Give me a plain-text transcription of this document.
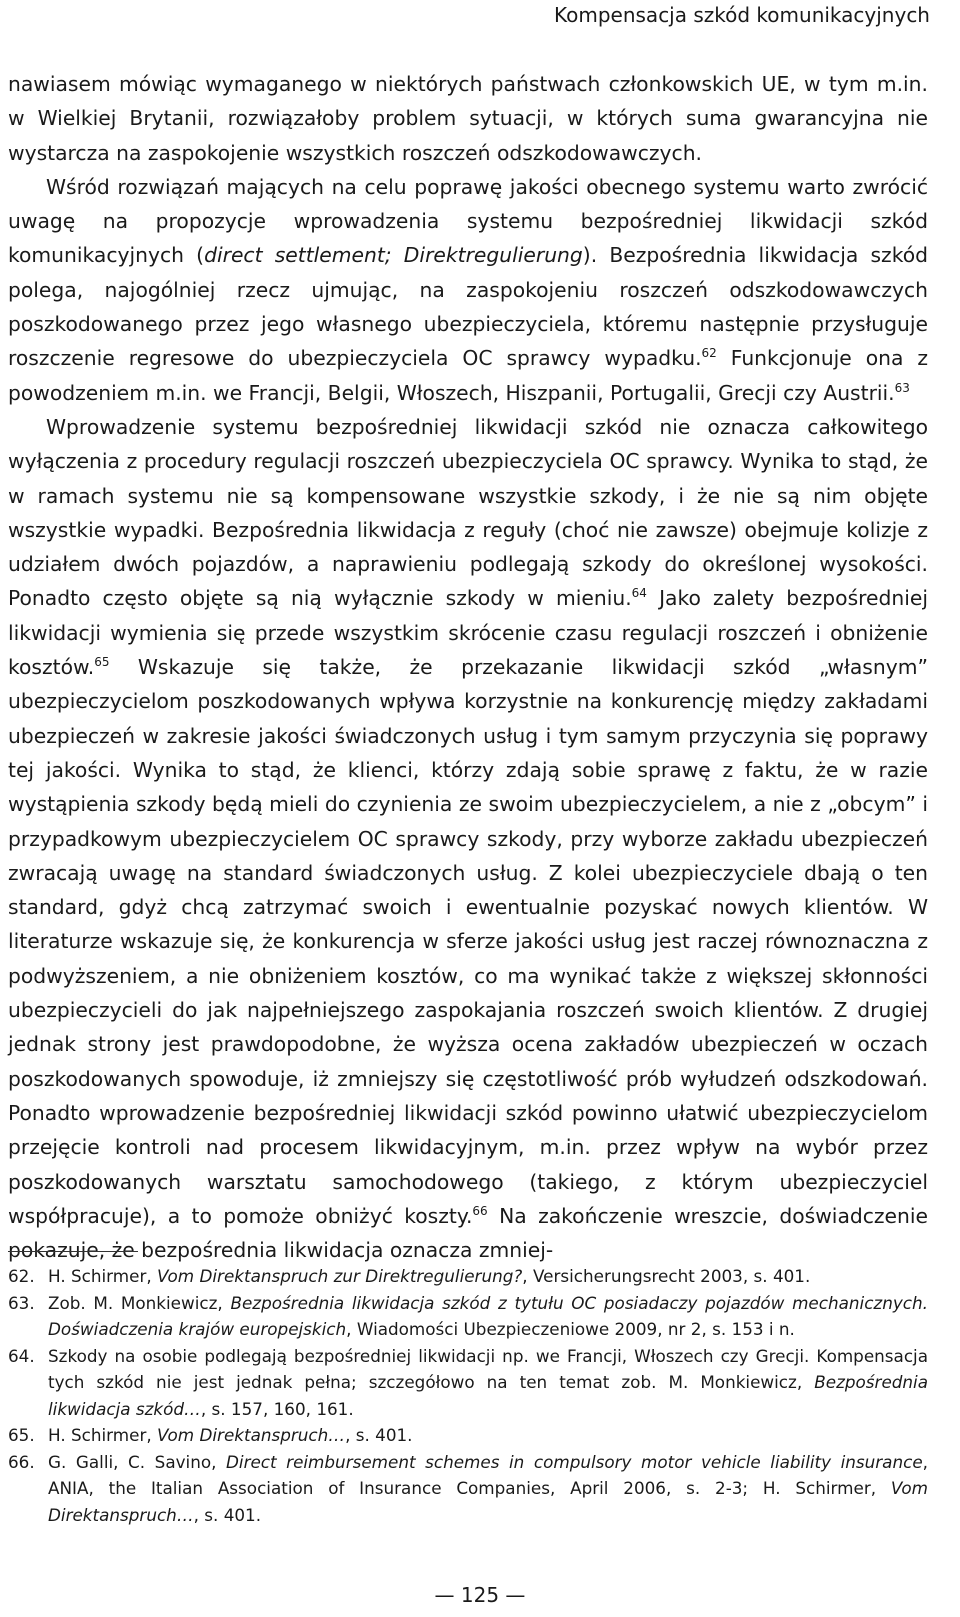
Kompensacja szkód komunikacyjnych

nawiasem mówiąc wymaganego w niektórych państwach członkowskich UE, w tym m.in. w Wielkiej Brytanii, rozwiązałoby problem sytuacji, w których suma gwarancyjna nie wystarcza na zaspokojenie wszystkich roszczeń odszkodowawczych.

Wśród rozwiązań mających na celu poprawę jakości obecnego systemu warto zwrócić uwagę na propozycje wprowadzenia systemu bezpośredniej likwidacji szkód komunikacyjnych (direct settlement; Direktregulierung). Bezpośrednia likwidacja szkód polega, najogólniej rzecz ujmując, na zaspokojeniu roszczeń odszkodowawczych poszkodowanego przez jego własnego ubezpieczyciela, któremu następnie przysługuje roszczenie regresowe do ubezpieczyciela OC sprawcy wypadku.$^{62}$ Funkcjonuje ona z powodzeniem m.in. we Francji, Belgii, Włoszech, Hiszpanii, Portugalii, Grecji czy Austrii.$^{63}$

Wprowadzenie systemu bezpośredniej likwidacji szkód nie oznacza całkowitego wyłączenia z procedury regulacji roszczeń ubezpieczyciela OC sprawcy. Wynika to stąd, że w ramach systemu nie są kompensowane wszystkie szkody, i że nie są nim objęte wszystkie wypadki. Bezpośrednia likwidacja z reguły (choć nie zawsze) obejmuje kolizje z udziałem dwóch pojazdów, a naprawieniu podlegają szkody do określonej wysokości. Ponadto często objęte są nią wyłącznie szkody w mieniu.$^{64}$ Jako zalety bezpośredniej likwidacji wymienia się przede wszystkim skrócenie czasu regulacji roszczeń i obniżenie kosztów.$^{65}$ Wskazuje się także, że przekazanie likwidacji szkód „własnym” ubezpieczycielom poszkodowanych wpływa korzystnie na konkurencję między zakładami ubezpieczeń w zakresie jakości świadczonych usług i tym samym przyczynia się poprawy tej jakości. Wynika to stąd, że klienci, którzy zdają sobie sprawę z faktu, że w razie wystąpienia szkody będą mieli do czynienia ze swoim ubezpieczycielem, a nie z „obcym” i przypadkowym ubezpieczycielem OC sprawcy szkody, przy wyborze zakładu ubezpieczeń zwracają uwagę na standard świadczonych usług. Z kolei ubezpieczyciele dbają o ten standard, gdyż chcą zatrzymać swoich i ewentualnie pozyskać nowych klientów. W literaturze wskazuje się, że konkurencja w sferze jakości usług jest raczej równoznaczna z podwyższeniem, a nie obniżeniem kosztów, co ma wynikać także z większej skłonności ubezpieczycieli do jak najpełniejszego zaspokajania roszczeń swoich klientów. Z drugiej jednak strony jest prawdopodobne, że wyższa ocena zakładów ubezpieczeń w oczach poszkodowanych spowoduje, iż zmniejszy się częstotliwość prób wyłudzeń odszkodowań. Ponadto wprowadzenie bezpośredniej likwidacji szkód powinno ułatwić ubezpieczycielom przejęcie kontroli nad procesem likwidacyjnym, m.in. przez wpływ na wybór przez poszkodowanych warsztatu samochodowego (takiego, z którym ubezpieczyciel współpracuje), a to pomoże obniżyć koszty.$^{66}$ Na zakończenie wreszcie, doświadczenie pokazuje, że bezpośrednia likwidacja oznacza zmniej-

62. H. Schirmer, Vom Direktanspruch zur Direktregulierung?, Versicherungsrecht 2003, s. 401.
63. Zob. M. Monkiewicz, Bezpośrednia likwidacja szkód z tytułu OC posiadaczy pojazdów mechanicznych. Doświadczenia krajów europejskich, Wiadomości Ubezpieczeniowe 2009, nr 2, s. 153 i n.
64. Szkody na osobie podlegają bezpośredniej likwidacji np. we Francji, Włoszech czy Grecji. Kompensacja tych szkód nie jest jednak pełna; szczegółowo na ten temat zob. M. Monkiewicz, Bezpośrednia likwidacja szkód…, s. 157, 160, 161.
65. H. Schirmer, Vom Direktanspruch…, s. 401.
66. G. Galli, C. Savino, Direct reimbursement schemes in compulsory motor vehicle liability insurance, ANIA, the Italian Association of Insurance Companies, April 2006, s. 2-3; H. Schirmer, Vom Direktanspruch…, s. 401.
— 125 —
